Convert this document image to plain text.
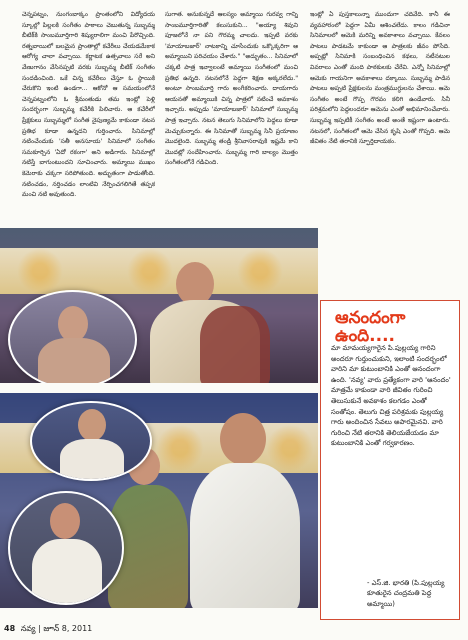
చెన్నపట్నం, నుంగంబాక్కం ప్రాంతంలోని విద్యోదయ స్కూల్లో పిల్లలకి సంగీతం పాఠాలు చెబుతున్న సుబ్బమ్మ బీటిక్‌కి సాంబమూర్తిగారి శిష్యురాలిగా మంచి పేరొచ్చింది. రత్నబాయిలో బలమైన ప్రాంతాల్లో కచేరీలు చేయడమేకాక ఆరోగ్య చాలా వచ్చాయి. కర్ణాటక ఉత్సవాలు సరే అని వేణుగానం వేసినప్పటి వరకు సుబ్బమ్మ బీటిక్ సంగీతం సందడించింది. ఒకే చిన్న కచేరీలు చేస్తూ ఓ స్థాయికి చేరుకొని ఇంటి ఉండగా... ఆకోనో ఆ సమయంలోనే చెన్నపట్నంలోని ఓ శ్రీమంతుడు తమ ఇంట్లో పెళ్లి సందర్భంగా సుబ్బమ్మ కచేరీకి పిలిచారు. ఆ కచేరీలో ప్రేక్షకులు సుబ్బమ్మలో సంగీత నైపుణ్యమే కాకుండా నటన ప్రతిభ కూడా ఉన్నదని గుర్తించారు. సినిమాల్లో నటించేందుకు 'సతీ అనసూయ' సినిమాలో సంగీతం సమకూర్చిన 'ఏదో రకంగా' అని అడిగారు. సినిమాల్లో నటిస్తే బాగుంటుందని సూచించారు. అమ్మాయి ముఖం కెమెరాకు చక్కగా సరిపోతుంది. అద్భుతంగా పాడుతోంది. నటించడం, నర్తించడం లాంటివి నేర్పించగలిగితే తప్పక మంచి నటి అవుతుంది.

సుగాత. అనుకున్నదే ఆలస్యం అమ్మాయి గురవ్వ గాన్ని సాంబమూర్తిగారితో కలుసుకుని... "అయ్యా శివుని పూజలోనే నా పని గౌరమ్మ చాలదు. ఇప్పటి వరకు 'మాయాబజార్' నాటకాన్ని చూసేందుకు ఒక్కొక్కరిగా ఆ అమ్మాయిని పరిచయం చేశారు." "అద్భుతం... సినిమాలో చక్కటి పాత్ర ఇవ్వాలంటే అమ్మాయి సంగీతంలో మంచి ప్రతిభ ఉన్నది. నటనలోనే పెద్దగా శిక్షణ అక్కరలేదు." అంటూ సాంబమూర్తి గారు అంగీకరించారు. దాయగారు ఆయనతో అమ్మాయికి చిన్న పాత్రలో నటించే అవకాశం ఇచ్చారు. అప్పుడు 'మాయాబజార్' సినిమాలో సుబ్బమ్మ పాత్ర ఇచ్చారు. నటన తెలుగు సినిమాలోని పెద్దలు కూడా మెచ్చుకున్నారు. ఈ సినిమాతో సుబ్బమ్మ సినీ ప్రయాణం మొదలైంది. సుబ్బమ్మ తండ్రి శ్రీనివాసరావుకి ఇష్టమే కాని మొదట్లో సందేహించారు. సుబ్బమ్మ గారి బాల్యం మొత్తం సంగీతంలోనే గడిచింది.

ఇంట్లో ఏ పుస్తకాలున్నా ముందుగా చదివేది. కానీ ఈ వ్యవహారంలో పెద్దగా ఏమీ ఆశించలేదు. కాలం గడిచినా సినిమాలలో ఆమెకి మరిన్ని అవకాశాలు వచ్చాయి. కేవలం పాటలు పాడటమే కాకుండా ఆ పాత్రలకు జీవం పోసేది. అప్పట్లో సినిమాకి సంబంధించిన కథలు, నటీనటుల వివరాలు ఎంతో మంది పాఠకులకు చేరేవి. ఎన్నో సినిమాల్లో ఆమెకు గాయనిగా అవకాశాలు దక్కాయి. సుబ్బమ్మ పాడిన పాటలు అప్పటి ప్రేక్షకులను మంత్రముగ్ధులను చేశాయి. ఆమె సంగీతం అంటే గొప్ప గౌరవం కలిగి ఉండేవారు. సినీ పరిశ్రమలోని పెద్దలందరూ ఆమెను ఎంతో అభిమానించేవారు. సుబ్బమ్మ ఇప్పటికీ సంగీతం అంటే అంతే ఇష్టంగా ఉంటారు. నటనలో, సంగీతంలో ఆమె చేసిన కృషి ఎంతో గొప్పది. ఆమె జీవితం నేటి తరానికి స్ఫూర్తిదాయకం.

ఆనందంగా ఉంది....
మా మామయ్యగారైన పి.పుల్లయ్య గారిని అందరూ గుర్తుంచుకుని, ఇలాంటి సందర్భంలో వారిని మా కుటుంబానికి ఎంతో ఆనందంగా ఉంది. 'నవ్య' వారు ప్రత్యేకంగా వారి 'ఆనందం' మాత్రమే కాకుండా వారి జీవితం గురించి తెలుసుకునే అవకాశం కలగడం ఎంతో సంతోషం. తెలుగు చిత్ర పరిశ్రమకు పుల్లయ్య గారు అందించిన సేవలు అపారమైనవి. వారి గురించి నేటి తరానికి తెలియజేయడం మా కుటుంబానికి ఎంతో గర్వకారణం.
- ఎస్.జి. భారతి (పి.పుల్లయ్య కూతురైన చంద్రమతి పెద్ద అమ్మాయి)
48 నవ్య | జూన్ 8, 2011
